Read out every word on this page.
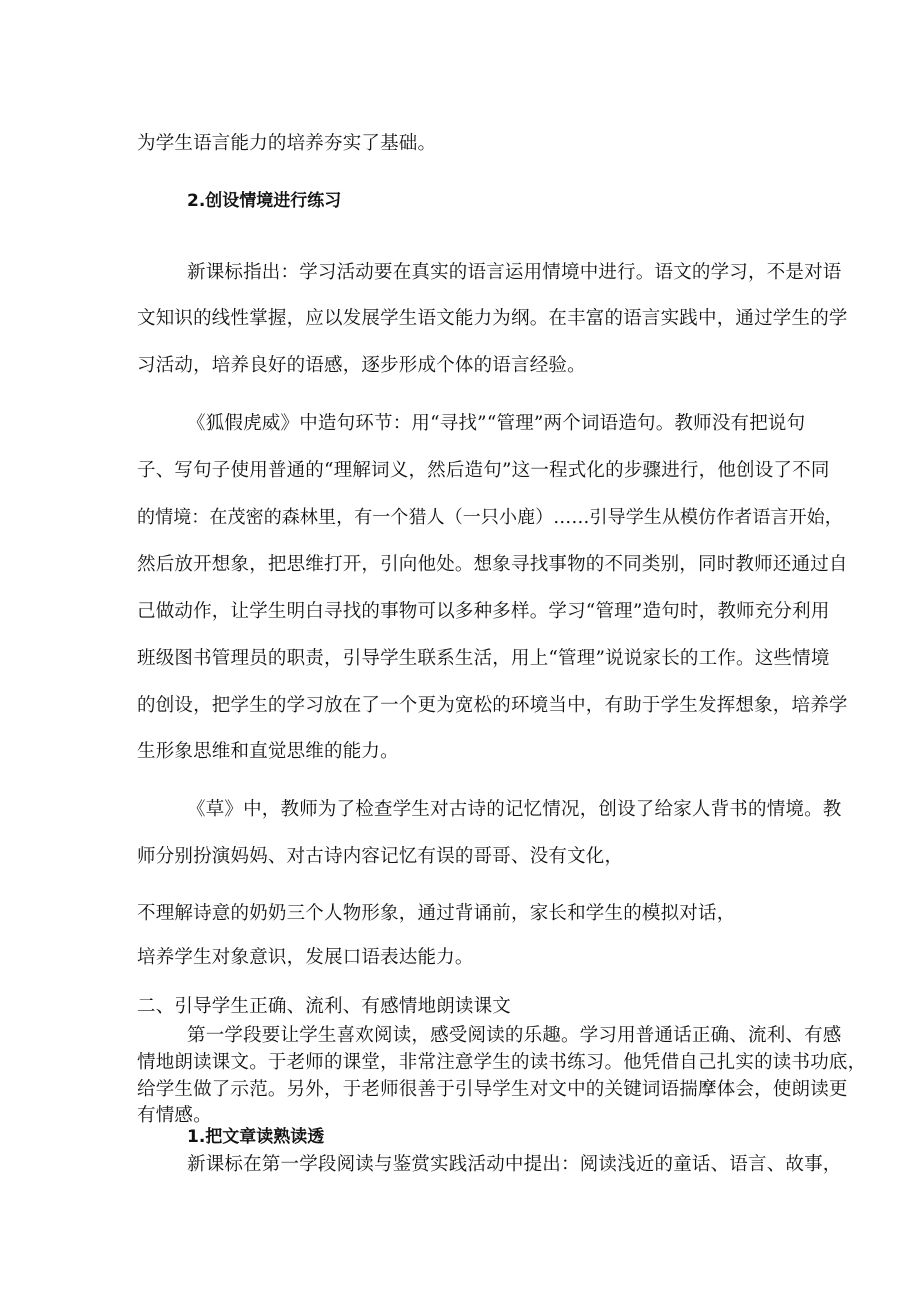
为学生语言能力的培养夯实了基础。
2.创设情境进行练习
新课标指出：学习活动要在真实的语言运用情境中进行。语文的学习，不是对语
文知识的线性掌握，应以发展学生语文能力为纲。在丰富的语言实践中，通过学生的学
习活动，培养良好的语感，逐步形成个体的语言经验。
《狐假虎威》中造句环节：用“寻找”“管理”两个词语造句。教师没有把说句
子、写句子使用普通的“理解词义，然后造句”这一程式化的步骤进行，他创设了不同
的情境：在茂密的森林里，有一个猎人（一只小鹿）……引导学生从模仿作者语言开始，
然后放开想象，把思维打开，引向他处。想象寻找事物的不同类别，同时教师还通过自
己做动作，让学生明白寻找的事物可以多种多样。学习“管理”造句时，教师充分利用
班级图书管理员的职责，引导学生联系生活，用上“管理”说说家长的工作。这些情境
的创设，把学生的学习放在了一个更为宽松的环境当中，有助于学生发挥想象，培养学
生形象思维和直觉思维的能力。
《草》中，教师为了检查学生对古诗的记忆情况，创设了给家人背书的情境。教
师分别扮演妈妈、对古诗内容记忆有误的哥哥、没有文化，
不理解诗意的奶奶三个人物形象，通过背诵前，家长和学生的模拟对话，
培养学生对象意识，发展口语表达能力。
二、引导学生正确、流利、有感情地朗读课文
第一学段要让学生喜欢阅读，感受阅读的乐趣。学习用普通话正确、流利、有感
情地朗读课文。于老师的课堂，非常注意学生的读书练习。他凭借自己扎实的读书功底，
给学生做了示范。另外，于老师很善于引导学生对文中的关键词语揣摩体会，使朗读更
有情感。
1.把文章读熟读透
新课标在第一学段阅读与鉴赏实践活动中提出：阅读浅近的童话、语言、故事，
